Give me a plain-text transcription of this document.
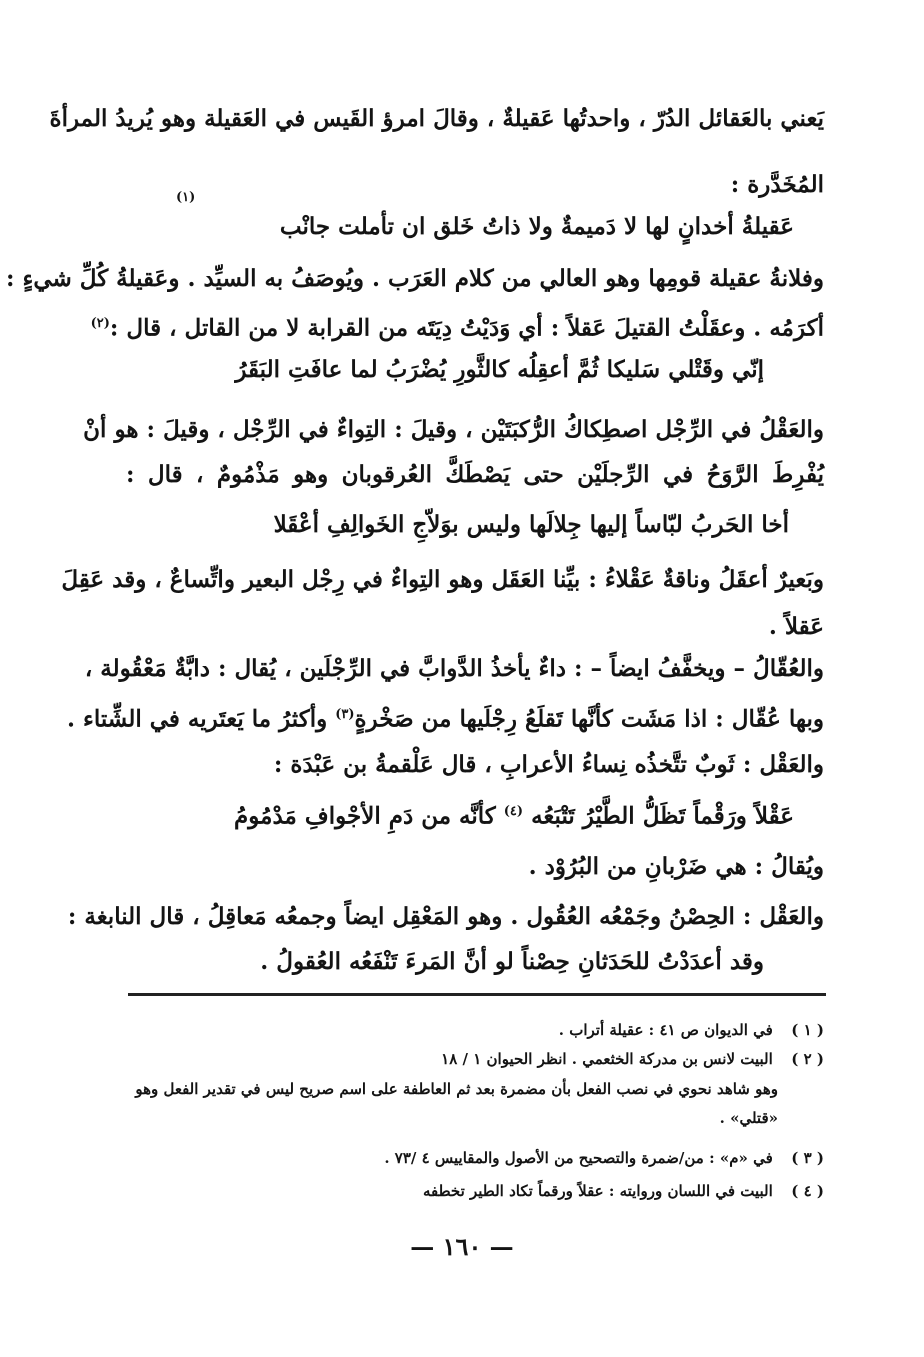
يَعني بالعَقائل الدُرّ ، واحدتُها عَقيلةٌ ، وقالَ امرؤ القَيس في العَقيلة وهو يُريدُ المرأةَ
المُخَدَّرة :
(١)
عَقيلةُ أخدانٍ لها لا دَميمةٌ ولا ذاتُ خَلق ان تأملت جانْب
وفلانةُ عقيلة قومِها وهو العالي من كلام العَرَب . ويُوصَفُ به السيِّد . وعَقيلةُ كُلِّ شيءٍ :
أكرَمُه . وعقَلْتُ القتيلَ عَقلاً : أي وَدَيْتُ دِيَتَه من القرابة لا من القاتل ، قال :$^{(٢)}$
إنّي وقَتْلي سَليكا ثُمَّ أعقِلُه كالثَّورِ يُضْرَبُ لما عافَتِ البَقَرُ
والعَقْلُ في الرِّجْل اصطِكاكُ الرُّكبَتَيْن ، وقيلَ : التِواءٌ في الرِّجْل ، وقيلَ : هو أنْ
يُفْرِطَ الرَّوَحُ في الرِّجلَيْن حتى يَصْطَكَّ العُرقوبان وهو مَذْمُومٌ ، قال :
أخا الحَربُ لبّاساً إليها جِلالَها وليس بوَلاّجِ الخَوالِفِ أعْقَلا
وبَعيرٌ أعقَلُ وناقةٌ عَقْلاءُ : بيِّنا العَقَل وهو التِواءٌ في رِجْل البعير واتِّساعٌ ، وقد عَقِلَ
عَقلاً .
والعُقّالُ – ويخفَّفُ ايضاً – : داءٌ يأخذُ الدَّوابَّ في الرِّجْلَين ، يُقال : دابَّةٌ مَعْقُولة ،
وبها عُقّال : اذا مَشَت كأنَّها تَقلَعُ رِجْلَيها من صَخْرةٍ$^{(٣)}$ وأكثرُ ما يَعتَريه في الشِّتاء .
والعَقْل : ثَوبٌ تتَّخذُه نِساءُ الأعرابِ ، قال عَلْقمةُ بن عَبْدَة :
عَقْلاً ورَقْماً تَظَلُّ الطَّيْرُ تَتْبَعُه $^{(٤)}$ كأنَّه من دَمِ الأجْوافِ مَدْمُومُ
ويُقالُ : هي ضَرْبانِ من البُرُوْد .
والعَقْل : الحِصْنُ وجَمْعُه العُقُول . وهو المَعْقِل ايضاً وجمعُه مَعاقِلُ ، قال النابغة :
وقد أعدَدْتُ للحَدَثانِ حِصْناً لو أنَّ المَرءَ تَنْفَعُه العُقولُ .
( ١ ) في الديوان ص ٤١ : عقيلة أتراب .
( ٢ ) البيت لانس بن مدركة الخثعمي . انظر الحيوان ١ / ١٨
وهو شاهد نحوي في نصب الفعل بأن مضمرة بعد ثم العاطفة على اسم صريح ليس في تقدير الفعل وهو
«قتلي» .
( ٣ ) في «م» : من/ضمرة والتصحيح من الأصول والمقاييس ٤ /٧٣ .
( ٤ ) البيت في اللسان وروايته : عقلاً ورقماً تكاد الطير تخطفه
— ١٦٠ —
